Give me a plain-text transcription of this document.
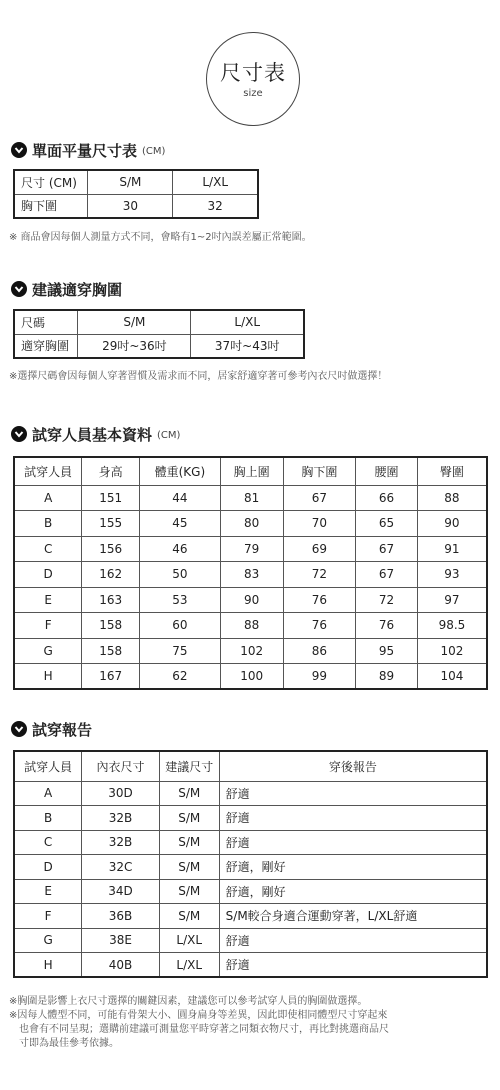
尺寸表
size
單面平量尺寸表 (CM)
尺寸 (CM)	S/M	L/XL
胸下圍	30	32
※ 商品會因每個人測量方式不同，會略有1~2吋內誤差屬正常範圍。
建議適穿胸圍
尺碼	S/M	L/XL
適穿胸圍	29吋~36吋	37吋~43吋
※選擇尺碼會因每個人穿著習慣及需求而不同，居家舒適穿著可參考內衣尺吋做選擇！
試穿人員基本資料 (CM)
試穿人員	身高	體重(KG)	胸上圍	胸下圍	腰圍	臀圍
A	151	44	81	67	66	88
B	155	45	80	70	65	90
C	156	46	79	69	67	91
D	162	50	83	72	67	93
E	163	53	90	76	72	97
F	158	60	88	76	76	98.5
G	158	75	102	86	95	102
H	167	62	100	99	89	104
試穿報告
試穿人員	內衣尺寸	建議尺寸	穿後報告
A	30D	S/M	舒適
B	32B	S/M	舒適
C	32B	S/M	舒適
D	32C	S/M	舒適，剛好
E	34D	S/M	舒適，剛好
F	36B	S/M	S/M較合身適合運動穿著，L/XL舒適
G	38E	L/XL	舒適
H	40B	L/XL	舒適
※胸圍是影響上衣尺寸選擇的關鍵因素，建議您可以參考試穿人員的胸圍做選擇。
※因每人體型不同，可能有骨架大小、圓身扁身等差異，因此即使相同體型尺寸穿起來
也會有不同呈現；選購前建議可測量您平時穿著之同類衣物尺寸，再比對挑選商品尺
寸即為最佳參考依據。
